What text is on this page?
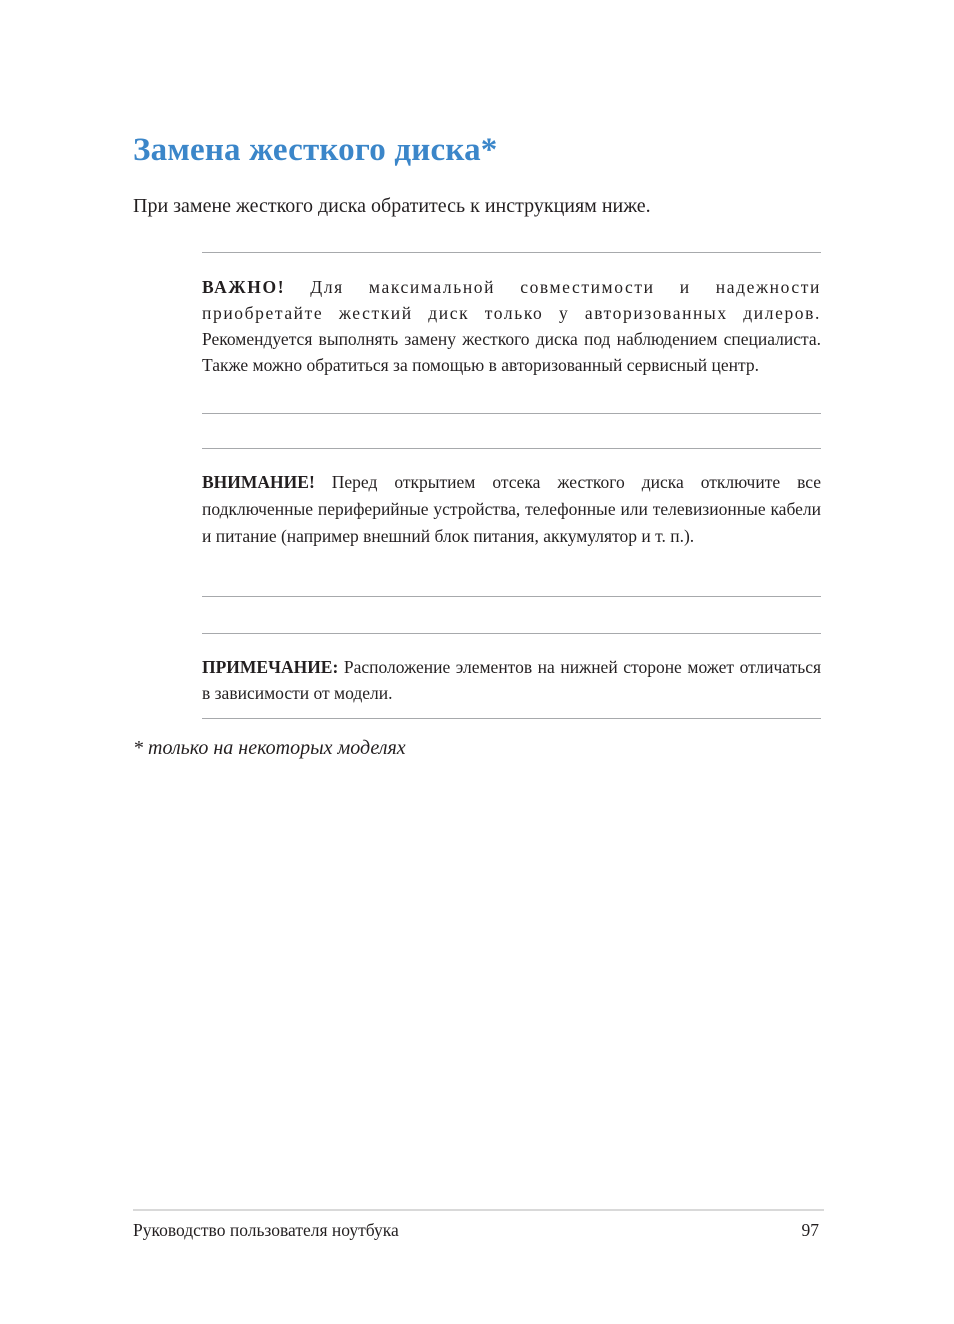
Замена жесткого диска*

При замене жесткого диска обратитесь к инструкциям ниже.

ВАЖНО! Для максимальной совместимости и надежности приобретайте жесткий диск только у авторизованных дилеров. Рекомендуется выполнять замену жесткого диска под наблюдением специалиста. Также можно обратиться за помощью в авторизованный сервисный центр.

ВНИМАНИЕ! Перед открытием отсека жесткого диска отключите все подключенные периферийные устройства, телефонные или телевизионные кабели и питание (например внешний блок питания, аккумулятор и т. п.).

ПРИМЕЧАНИЕ: Расположение элементов на нижней стороне может отличаться в зависимости от модели.

* только на некоторых моделях

Руководство пользователя ноутбука	97
